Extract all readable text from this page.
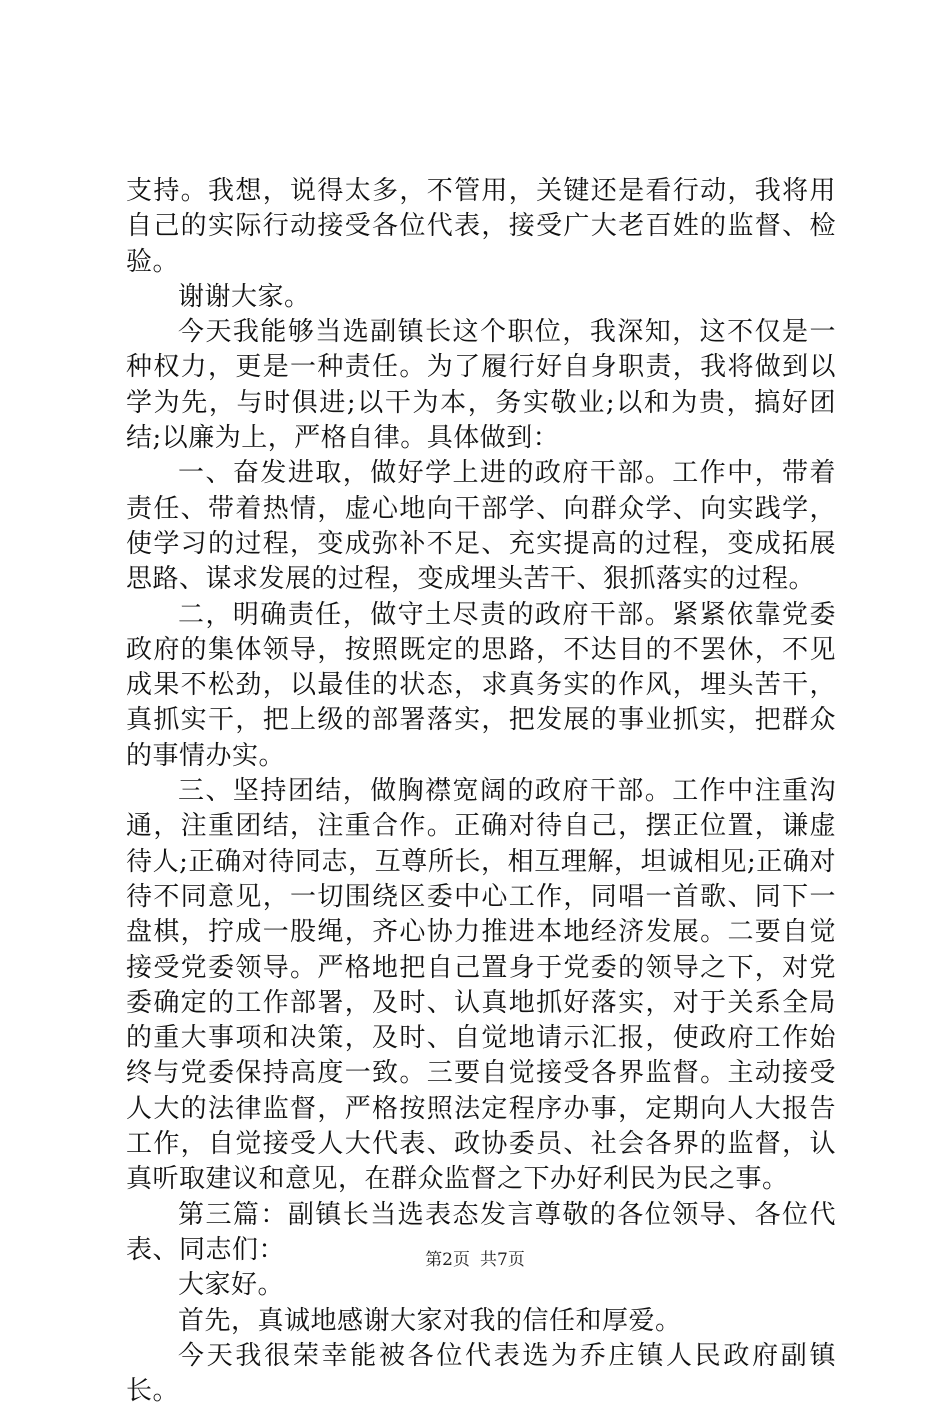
支持。我想，说得太多，不管用，关键还是看行动，我将用自己的实际行动接受各位代表，接受广大老百姓的监督、检验。

谢谢大家。

今天我能够当选副镇长这个职位，我深知，这不仅是一种权力，更是一种责任。为了履行好自身职责，我将做到以学为先，与时俱进;以干为本，务实敬业;以和为贵，搞好团结;以廉为上，严格自律。具体做到：

一、奋发进取，做好学上进的政府干部。工作中，带着责任、带着热情，虚心地向干部学、向群众学、向实践学，使学习的过程，变成弥补不足、充实提高的过程，变成拓展思路、谋求发展的过程，变成埋头苦干、狠抓落实的过程。

二，明确责任，做守土尽责的政府干部。紧紧依靠党委政府的集体领导，按照既定的思路，不达目的不罢休，不见成果不松劲，以最佳的状态，求真务实的作风，埋头苦干，真抓实干，把上级的部署落实，把发展的事业抓实，把群众的事情办实。

三、坚持团结，做胸襟宽阔的政府干部。工作中注重沟通，注重团结，注重合作。正确对待自己，摆正位置，谦虚待人;正确对待同志，互尊所长，相互理解，坦诚相见;正确对待不同意见，一切围绕区委中心工作，同唱一首歌、同下一盘棋，拧成一股绳，齐心协力推进本地经济发展。二要自觉接受党委领导。严格地把自己置身于党委的领导之下，对党委确定的工作部署，及时、认真地抓好落实，对于关系全局的重大事项和决策，及时、自觉地请示汇报，使政府工作始终与党委保持高度一致。三要自觉接受各界监督。主动接受人大的法律监督，严格按照法定程序办事，定期向人大报告工作，自觉接受人大代表、政协委员、社会各界的监督，认真听取建议和意见，在群众监督之下办好利民为民之事。

第三篇：副镇长当选表态发言尊敬的各位领导、各位代表、同志们：

大家好。

首先，真诚地感谢大家对我的信任和厚爱。

今天我很荣幸能被各位代表选为乔庄镇人民政府副镇长。

第2页 共7页
